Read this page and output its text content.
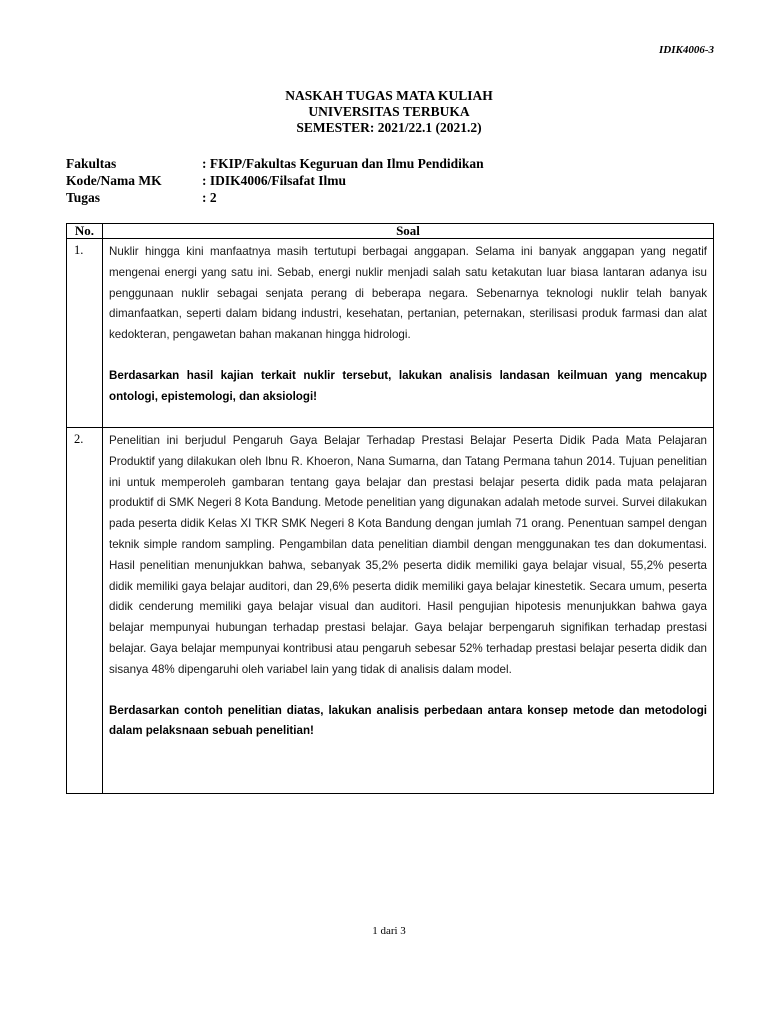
IDIK4006-3
NASKAH TUGAS MATA KULIAH
UNIVERSITAS TERBUKA
SEMESTER: 2021/22.1 (2021.2)
Fakultas	: FKIP/Fakultas Keguruan dan Ilmu Pendidikan
Kode/Nama MK	: IDIK4006/Filsafat Ilmu
Tugas	: 2
No.	Soal
1.	Nuklir hingga kini manfaatnya masih tertutupi berbagai anggapan. Selama ini banyak anggapan yang negatif mengenai energi yang satu ini. Sebab, energi nuklir menjadi salah satu ketakutan luar biasa lantaran adanya isu penggunaan nuklir sebagai senjata perang di beberapa negara. Sebenarnya teknologi nuklir telah banyak dimanfaatkan, seperti dalam bidang industri, kesehatan, pertanian, peternakan, sterilisasi produk farmasi dan alat kedokteran, pengawetan bahan makanan hingga hidrologi.

Berdasarkan hasil kajian terkait nuklir tersebut, lakukan analisis landasan keilmuan yang mencakup ontologi, epistemologi, dan aksiologi!

2.	Penelitian ini berjudul Pengaruh Gaya Belajar Terhadap Prestasi Belajar Peserta Didik Pada Mata Pelajaran Produktif yang dilakukan oleh Ibnu R. Khoeron, Nana Sumarna, dan Tatang Permana tahun 2014. Tujuan penelitian ini untuk memperoleh gambaran tentang gaya belajar dan prestasi belajar peserta didik pada mata pelajaran produktif di SMK Negeri 8 Kota Bandung. Metode penelitian yang digunakan adalah metode survei. Survei dilakukan pada peserta didik Kelas XI TKR SMK Negeri 8 Kota Bandung dengan jumlah 71 orang. Penentuan sampel dengan teknik simple random sampling. Pengambilan data penelitian diambil dengan menggunakan tes dan dokumentasi. Hasil penelitian menunjukkan bahwa, sebanyak 35,2% peserta didik memiliki gaya belajar visual, 55,2% peserta didik memiliki gaya belajar auditori, dan 29,6% peserta didik memiliki gaya belajar kinestetik. Secara umum, peserta didik cenderung memiliki gaya belajar visual dan auditori. Hasil pengujian hipotesis menunjukkan bahwa gaya belajar mempunyai hubungan terhadap prestasi belajar. Gaya belajar berpengaruh signifikan terhadap prestasi belajar. Gaya belajar mempunyai kontribusi atau pengaruh sebesar 52% terhadap prestasi belajar peserta didik dan sisanya 48% dipengaruhi oleh variabel lain yang tidak di analisis dalam model.

Berdasarkan contoh penelitian diatas, lakukan analisis perbedaan antara konsep metode dan metodologi dalam pelaksnaan sebuah penelitian!

1 dari 3
